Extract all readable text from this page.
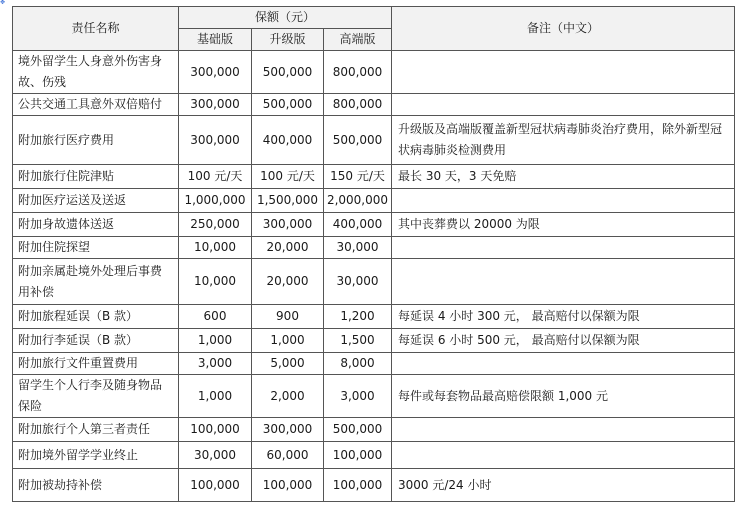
✥
责任名称	保额（元）			备注（中文）
	基础版	升级版	高端版	
境外留学生人身意外伤害身故、伤残	300,000	500,000	800,000	
公共交通工具意外双倍赔付	300,000	500,000	800,000	
附加旅行医疗费用	300,000	400,000	500,000	升级版及高端版覆盖新型冠状病毒肺炎治疗费用，除外新型冠状病毒肺炎检测费用
附加旅行住院津贴	100 元/天	100 元/天	150 元/天	最长 30 天，3 天免赔
附加医疗运送及送返	1,000,000	1,500,000	2,000,000	
附加身故遗体送返	250,000	300,000	400,000	其中丧葬费以 20000 为限
附加住院探望	10,000	20,000	30,000	
附加亲属赴境外处理后事费用补偿	10,000	20,000	30,000	
附加旅程延误（B 款）	600	900	1,200	每延误 4 小时 300 元， 最高赔付以保额为限
附加行李延误（B 款）	1,000	1,000	1,500	每延误 6 小时 500 元， 最高赔付以保额为限
附加旅行文件重置费用	3,000	5,000	8,000	
留学生个人行李及随身物品保险	1,000	2,000	3,000	每件或每套物品最高赔偿限额 1,000 元
附加旅行个人第三者责任	100,000	300,000	500,000	
附加境外留学学业终止	30,000	60,000	100,000	
附加被劫持补偿	100,000	100,000	100,000	3000 元/24 小时
